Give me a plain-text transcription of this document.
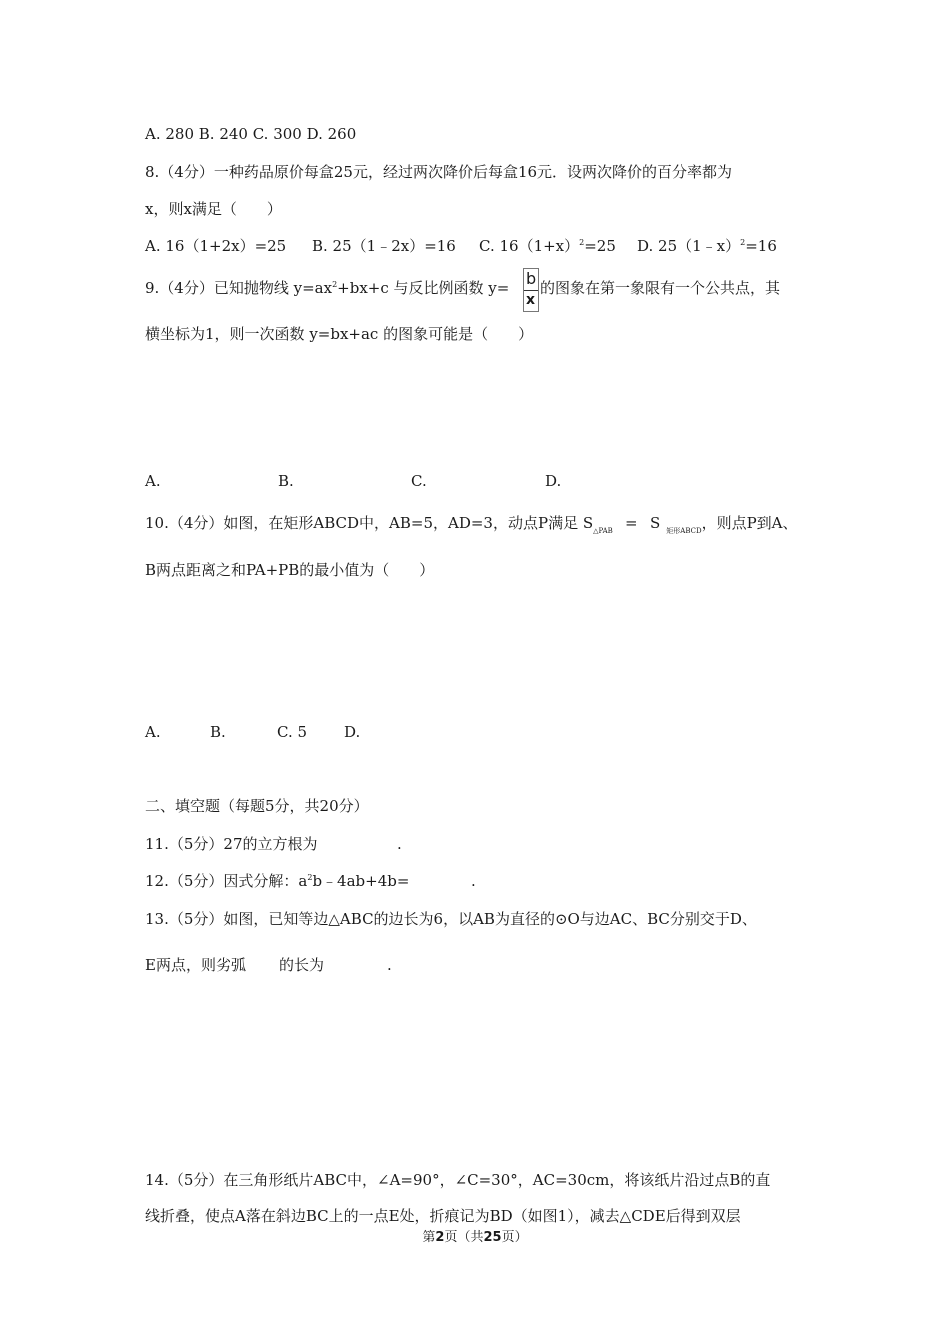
A. 280 B. 240 C. 300 D. 260
8.（4分）一种药品原价每盒25元，经过两次降价后每盒16元．设两次降价的百分率都为
x，则x满足（　　）
A. 16（1+2x）=25 B. 25（1﹣2x）=16 C. $16(1+x)^2=25$ D. 25（1﹣x）$^2$=16
9.（4分）已知抛物线 $y=ax^2+bx+c$ 与反比例函数 y= b
x
的图象在第一象限有一个公共点，其
横坐标为1，则一次函数 y=bx+ac 的图象可能是（　　）
A.	B.	C.	D.
10.（4分）如图，在矩形ABCD中，AB=5，AD=3，动点P满足 $S_{\triangle PAB} = S$ $_{矩形ABCD}$，则点P到A、
B两点距离之和PA+PB的最小值为（　　）
A.	B.	C. 5 D.
二、填空题（每题5分，共20分）
11.（5分）27的立方根为	.
12.（5分）因式分解：$a^2b﹣4ab+4b=$	.
13.（5分）如图，已知等边△ABC的边长为6，以AB为直径的⊙O与边AC、BC分别交于D、
E两点，则劣弧 的长为	.
14.（5分）在三角形纸片ABC中，∠A=90°，∠C=30°，AC=30cm，将该纸片沿过点B的直
线折叠，使点A落在斜边BC上的一点E处，折痕记为BD（如图1），减去△CDE后得到双层
第2页（共25页）
